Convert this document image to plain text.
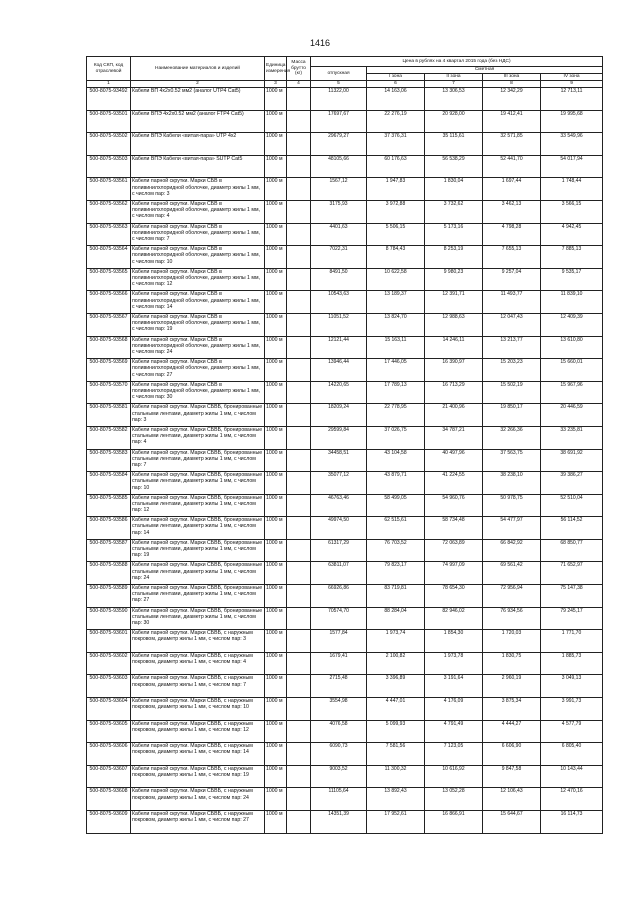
1416
Код СКП, код отраслевой	Наименование материалов и изделий	Единица измерения	Масса брутто (кг)	Цена в рублях на 4 квартал 2015 года (без НДС)				
				отпускная	Сметная			
					I зона	II зона	III зона	IV зона
1	2	3	4	5	6	7	8	9
500-8075-93492	Кабели ВП 4х2х0.52 мм2 (аналог UTP4 Cat5)	1000 м		11322,00	14 163,06	13 306,53	12 342,29	12 713,11
500-8075-93501	Кабели ВПЭ 4х2х0.52 мм2 (аналог FTP4 Cat5)	1000 м		17697,67	22 276,19	20 928,00	19 412,41	19 995,68
500-8075-93502	Кабели ВПЭ Кабели «витая-пара» UTP 4х2	1000 м		29679,27	37 376,31	35 115,61	32 571,85	33 549,96
500-8075-93503	Кабели ВПЭ Кабели «витая-пара» SUTP Cat5	1000 м		48105,66	60 176,63	56 538,29	52 441,70	54 017,94
500-8075-93561	Кабели парной скрутки. Марки СБВ в поливинилхлоридной оболочке, диаметр жилы 1 мм, с числом пар: 3	1000 м		1567,12	1 947,83	1 830,04	1 697,44	1 748,44
500-8075-93562	Кабели парной скрутки. Марки СБВ в поливинилхлоридной оболочке, диаметр жилы 1 мм, с числом пар: 4	1000 м		3175,93	3 972,88	3 732,62	3 462,13	3 566,15
500-8075-93563	Кабели парной скрутки. Марки СБВ в поливинилхлоридной оболочке, диаметр жилы 1 мм, с числом пар: 7	1000 м		4401,63	5 506,15	5 173,16	4 798,28	4 942,45
500-8075-93564	Кабели парной скрутки. Марки СБВ в поливинилхлоридной оболочке, диаметр жилы 1 мм, с числом пар: 10	1000 м		7022,31	8 784,43	8 253,19	7 655,13	7 885,13
500-8075-93565	Кабели парной скрутки. Марки СБВ в поливинилхлоридной оболочке, диаметр жилы 1 мм, с числом пар: 12	1000 м		8491,50	10 622,58	9 980,23	9 257,04	9 535,17
500-8075-93566	Кабели парной скрутки. Марки СБВ в поливинилхлоридной оболочке, диаметр жилы 1 мм, с числом пар: 14	1000 м		10543,63	13 189,37	12 391,71	11 493,77	11 839,10
500-8075-93567	Кабели парной скрутки. Марки СБВ в поливинилхлоридной оболочке, диаметр жилы 1 мм, с числом пар: 19	1000 м		11051,52	13 824,70	12 988,63	12 047,43	12 409,39
500-8075-93568	Кабели парной скрутки. Марки СБВ в поливинилхлоридной оболочке, диаметр жилы 1 мм, с числом пар: 24	1000 м		12121,44	15 163,11	14 246,11	13 213,77	13 610,80
500-8075-93569	Кабели парной скрутки. Марки СБВ в поливинилхлоридной оболочке, диаметр жилы 1 мм, с числом пар: 27	1000 м		13946,44	17 446,05	16 390,97	15 203,23	15 660,01
500-8075-93570	Кабели парной скрутки. Марки СБВ в поливинилхлоридной оболочке, диаметр жилы 1 мм, с числом пар: 30	1000 м		14220,65	17 789,13	16 713,29	15 502,19	15 967,96
500-8075-93581	Кабели парной скрутки. Марки СБВБ, бронированные стальными лентами, диаметр жилы 1 мм, с числом пар: 3	1000 м		18209,24	22 778,95	21 400,96	19 850,17	20 446,59
500-8075-93582	Кабели парной скрутки. Марки СБВБ, бронированные стальными лентами, диаметр жилы 1 мм, с числом пар: 4	1000 м		29599,84	37 026,75	34 787,21	32 266,36	33 235,81
500-8075-93583	Кабели парной скрутки. Марки СБВБ, бронированные стальными лентами, диаметр жилы 1 мм, с числом пар: 7	1000 м		34458,51	43 104,58	40 497,96	37 563,75	38 691,92
500-8075-93584	Кабели парной скрутки. Марки СБВБ, бронированные стальными лентами, диаметр жилы 1 мм, с числом пар: 10	1000 м		35077,12	43 879,71	41 224,55	38 238,10	39 386,27
500-8075-93585	Кабели парной скрутки. Марки СБВБ, бронированные стальными лентами, диаметр жилы 1 мм, с числом пар: 12	1000 м		46763,46	58 499,05	54 960,76	50 978,75	52 510,04
500-8075-93586	Кабели парной скрутки. Марки СБВБ, бронированные стальными лентами, диаметр жилы 1 мм, с числом пар: 14	1000 м		49974,50	62 515,61	58 734,48	54 477,97	56 114,52
500-8075-93587	Кабели парной скрутки. Марки СБВБ, бронированные стальными лентами, диаметр жилы 1 мм, с числом пар: 19	1000 м		61317,29	76 703,52	72 063,89	66 842,92	68 850,77
500-8075-93588	Кабели парной скрутки. Марки СБВБ, бронированные стальными лентами, диаметр жилы 1 мм, с числом пар: 24	1000 м		63811,07	79 823,17	74 997,09	69 561,42	71 652,97
500-8075-93589	Кабели парной скрутки. Марки СБВБ, бронированные стальными лентами, диаметр жилы 1 мм, с числом пар: 27	1000 м		66926,86	83 719,81	78 654,30	72 956,94	75 147,38
500-8075-93590	Кабели парной скрутки. Марки СБВБ, бронированные стальными лентами, диаметр жилы 1 мм, с числом пар: 30	1000 м		70574,70	88 284,04	82 946,02	76 934,56	79 245,17
500-8075-93601	Кабели парной скрутки. Марки СБВБ, с наружным покровом, диаметр жилы 1 мм, с числом пар: 3	1000 м		1577,84	1 973,74	1 854,30	1 720,03	1 771,70
500-8075-93602	Кабели парной скрутки. Марки СБВБ, с наружным покровом, диаметр жилы 1 мм, с числом пар: 4	1000 м		1679,41	2 100,82	1 973,78	1 830,75	1 885,73
500-8075-93603	Кабели парной скрутки. Марки СБВБ, с наружным покровом, диаметр жилы 1 мм, с числом пар: 7	1000 м		2715,48	3 396,89	3 191,64	2 960,19	3 049,13
500-8075-93604	Кабели парной скрутки. Марки СБВБ, с наружным покровом, диаметр жилы 1 мм, с числом пар: 10	1000 м		3554,98	4 447,01	4 176,09	3 875,34	3 991,73
500-8075-93605	Кабели парной скрутки. Марки СБВБ, с наружным покровом, диаметр жилы 1 мм, с числом пар: 12	1000 м		4076,58	5 099,93	4 791,49	4 444,27	4 577,79
500-8075-93606	Кабели парной скрутки. Марки СБВБ, с наружным покровом, диаметр жилы 1 мм, с числом пар: 14	1000 м		6090,73	7 581,56	7 123,05	6 606,90	6 805,40
500-8075-93607	Кабели парной скрутки. Марки СБВБ, с наружным покровом, диаметр жилы 1 мм, с числом пар: 19	1000 м		9003,52	11 300,32	10 616,92	9 847,58	10 143,44
500-8075-93608	Кабели парной скрутки. Марки СБВБ, с наружным покровом, диаметр жилы 1 мм, с числом пар: 24	1000 м		11105,64	13 892,43	13 052,28	12 106,43	12 470,16
500-8075-93609	Кабели парной скрутки. Марки СБВБ, с наружным покровом, диаметр жилы 1 мм, с числом пар: 27	1000 м		14351,39	17 952,61	16 866,91	15 644,67	16 114,73
